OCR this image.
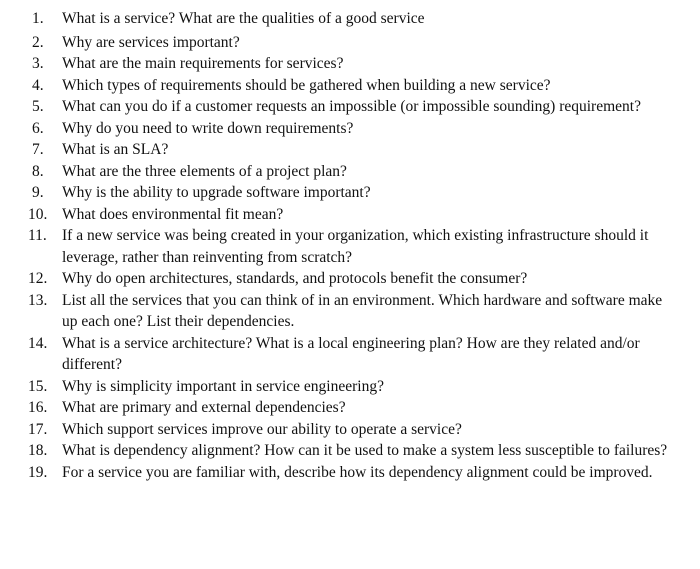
1.	What is a service? What are the qualities of a good service
2.	Why are services important?
3.	What are the main requirements for services?
4.	Which types of requirements should be gathered when building a new service?
5.	What can you do if a customer requests an impossible (or impossible sounding) requirement?
6.	Why do you need to write down requirements?
7.	What is an SLA?
8.	What are the three elements of a project plan?
9.	Why is the ability to upgrade software important?
10. What does environmental fit mean?
11. If a new service was being created in your organization, which existing infrastructure should it leverage, rather than reinventing from scratch?
12. Why do open architectures, standards, and protocols benefit the consumer?
13. List all the services that you can think of in an environment. Which hardware and software make up each one? List their dependencies.
14. What is a service architecture? What is a local engineering plan? How are they related and/or different?
15. Why is simplicity important in service engineering?
16. What are primary and external dependencies?
17. Which support services improve our ability to operate a service?
18. What is dependency alignment? How can it be used to make a system less susceptible to failures?
19. For a service you are familiar with, describe how its dependency alignment could be improved.
